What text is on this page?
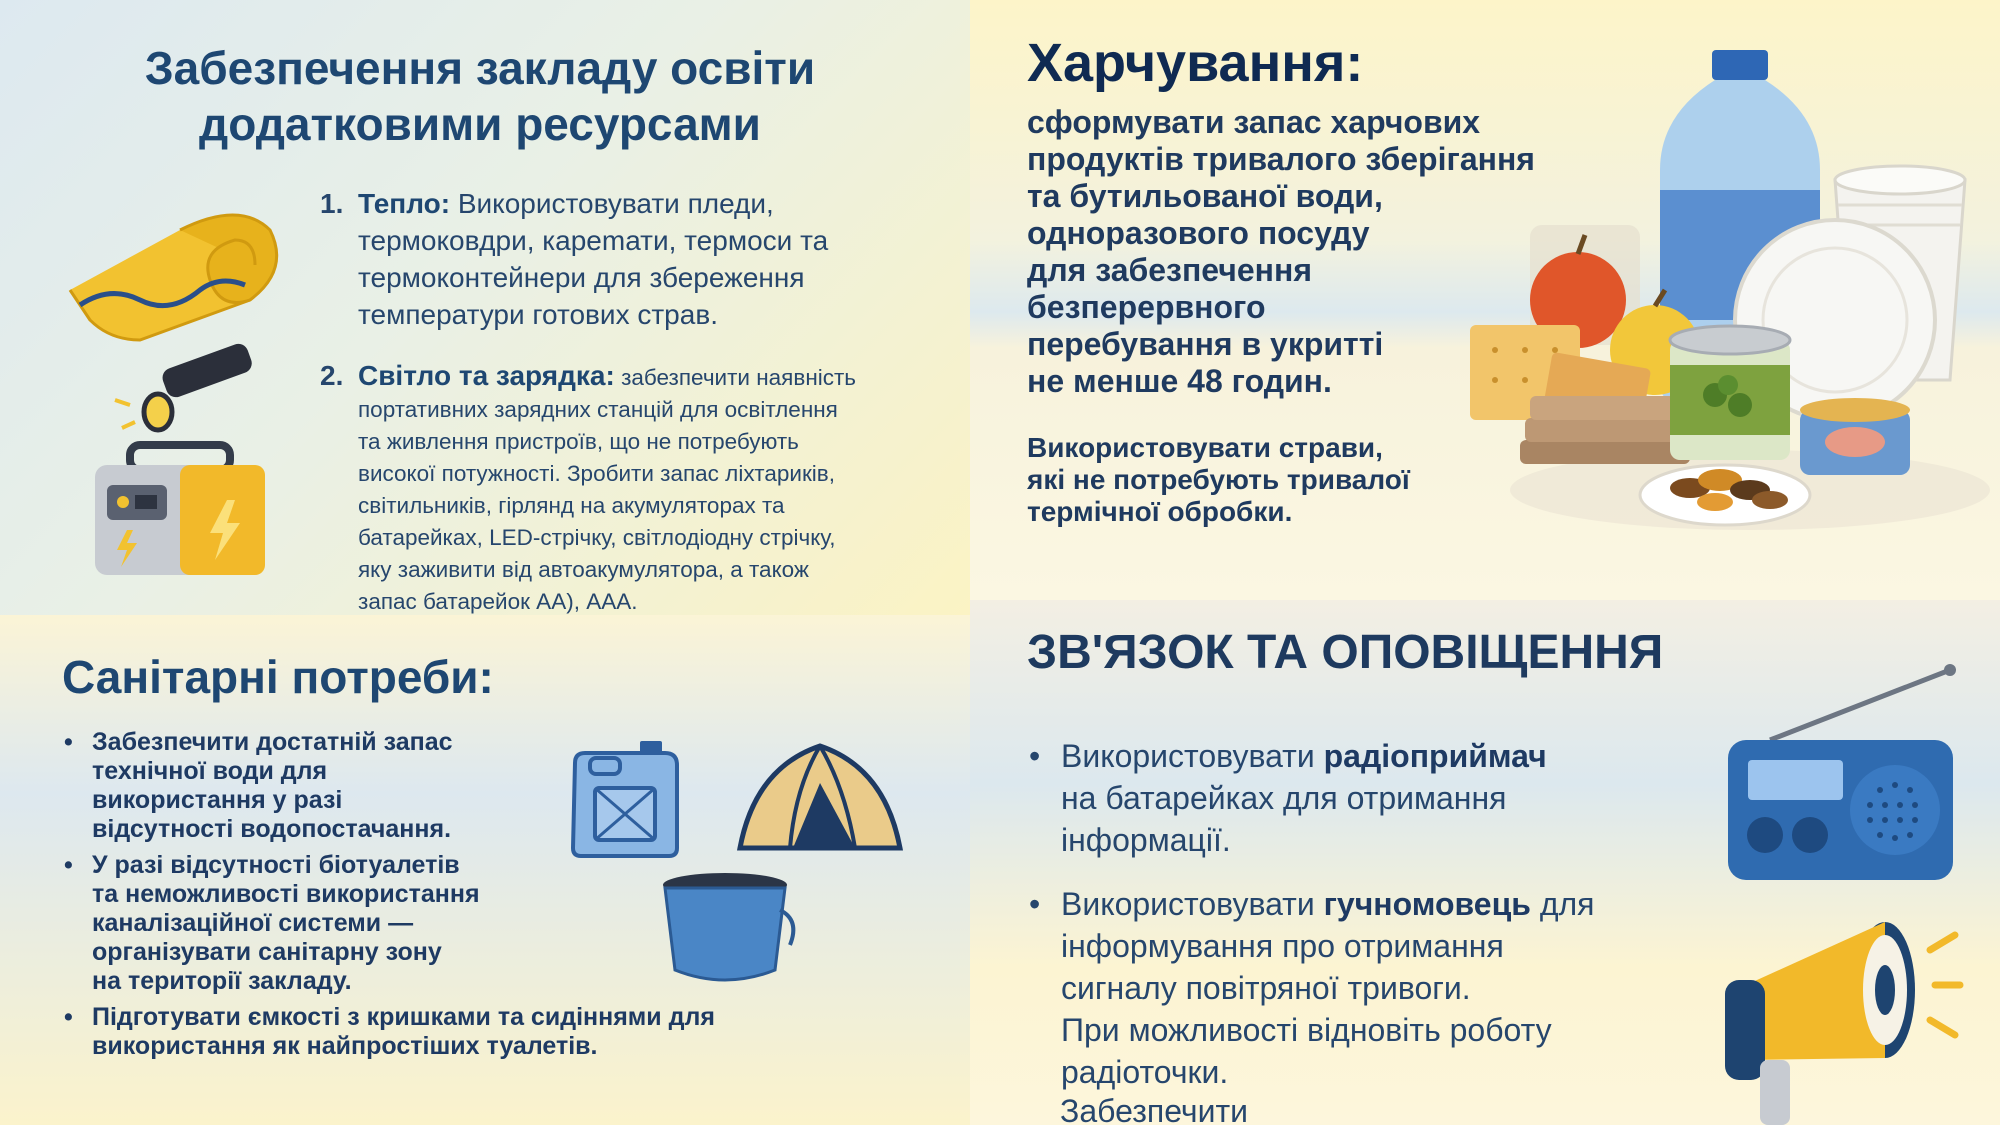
Забезпечення закладу освіти
додатковими ресурсами
1. Тепло: Використовувати пледи,
термоковдри, карemати, термоси та
термоконтейнери для збереження
температури готових страв.
2. Світло та зарядка: забезпечити наявність
портативних зарядних станцій для освітлення
та живлення пристроїв, що не потребують
високої потужності. Зробити запас ліхтариків,
світильників, гірлянд на акумуляторах та
батарейках, LED-стрічку, світлодіодну стрічку,
яку заживити від автоакумулятора, а також
запас батарейок АА), ААА.
Харчування:
сформувати запас харчових
продуктів тривалого зберігання
та бутильованої води,
одноразового посуду
для забезпечення
безперервного
перебування в укритті
не менше 48 годин.
Використовувати страви,
які не потребують тривалої
термічної обробки.
Санітарні потреби:
• Забезпечити достатній запас
технічної води для
використання у разі
відсутності водопостачання.
• У разі відсутності біотуалетів
та неможливості використання
каналізаційної системи —
організувати санітарну зону
на території закладу.
• Підготувати ємкості з кришками та сидіннями для
використання як найпростіших туалетів.
ЗВ'ЯЗОК ТА ОПОВІЩЕННЯ
• Використовувати радіоприймач
на батарейках для отримання
інформації.
• Використовувати гучномовець для
інформування про отримання
сигналу повітряної тривоги.
При можливості відновіть роботу
радіоточки.
Забезпечити
